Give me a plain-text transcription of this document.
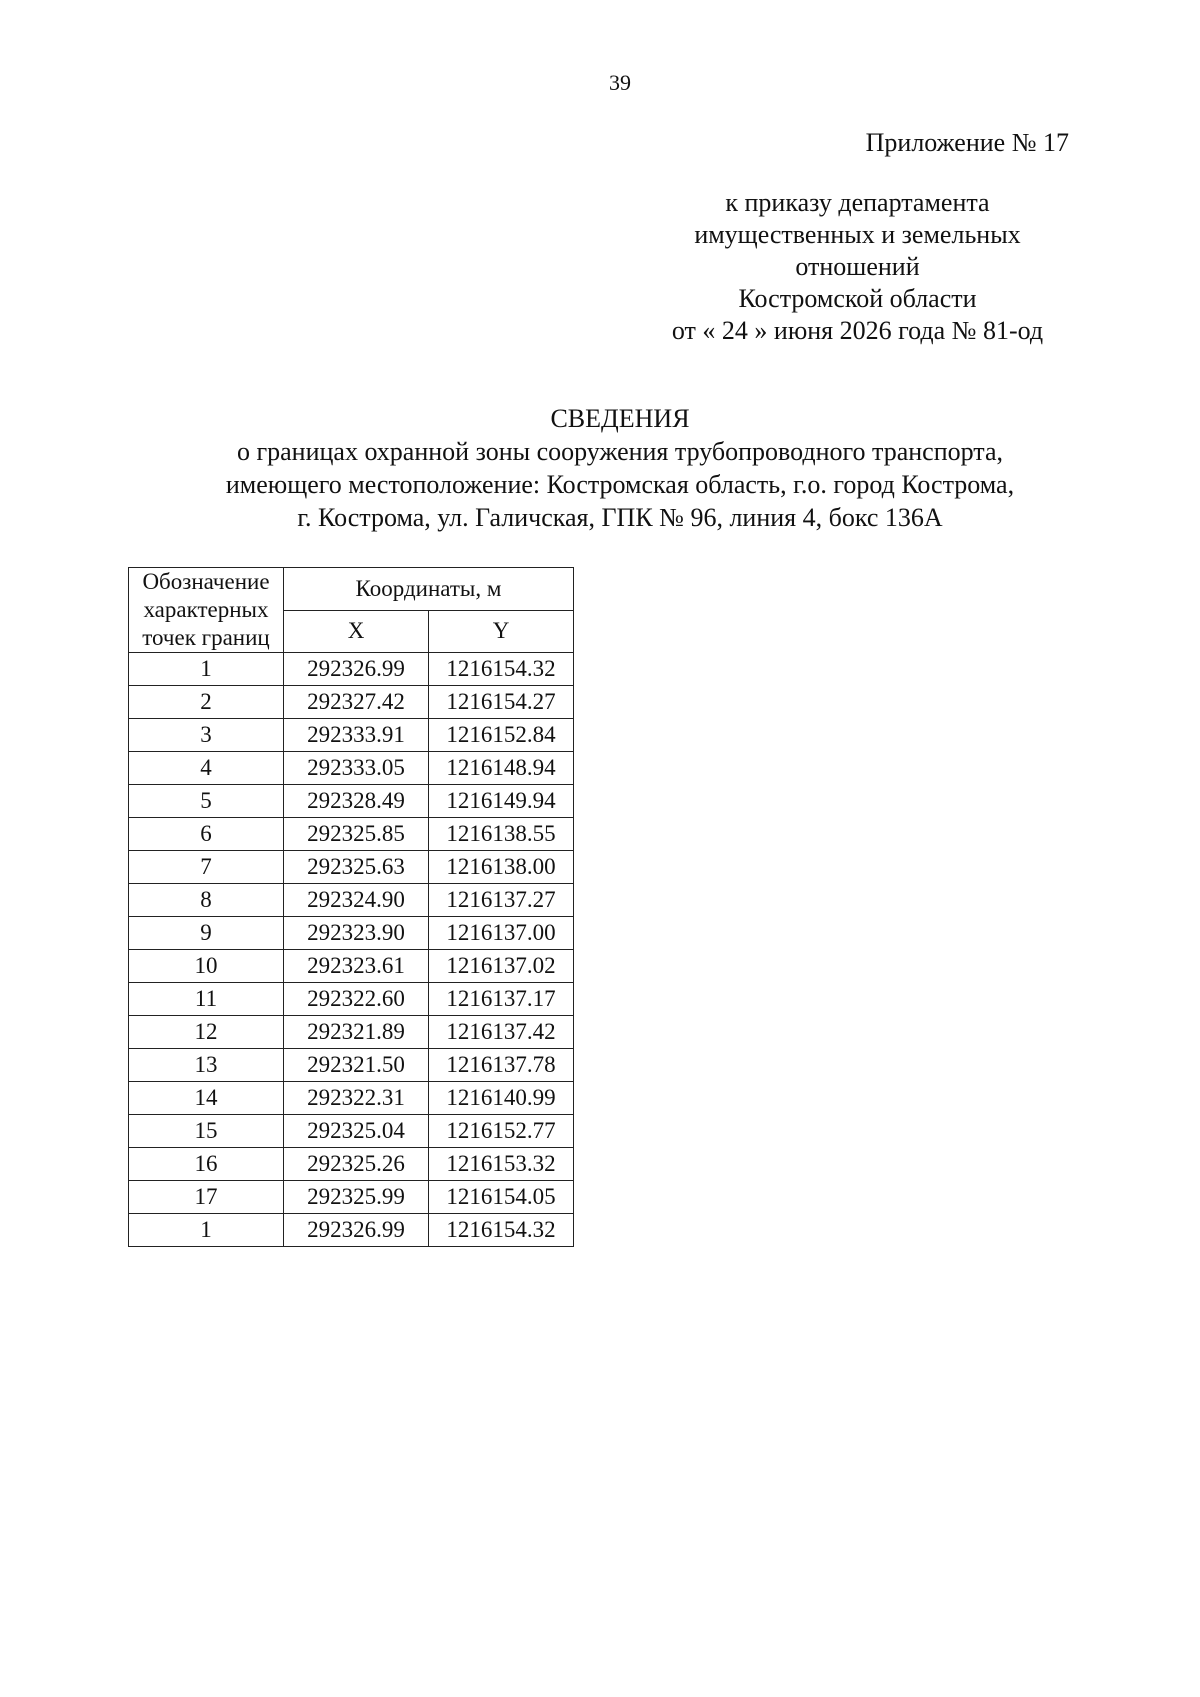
39
Приложение № 17
к приказу департамента
имущественных и земельных
отношений
Костромской области
от « 24 » июня 2026 года № 81-од
СВЕДЕНИЯ
о границах охранной зоны сооружения трубопроводного транспорта,
имеющего местоположение: Костромская область, г.о. город Кострома,
г. Кострома, ул. Галичская, ГПК № 96, линия 4, бокс 136А
Обозначение
характерных
точек границ	Координаты, м	
	X	Y
1	292326.99	1216154.32
2	292327.42	1216154.27
3	292333.91	1216152.84
4	292333.05	1216148.94
5	292328.49	1216149.94
6	292325.85	1216138.55
7	292325.63	1216138.00
8	292324.90	1216137.27
9	292323.90	1216137.00
10	292323.61	1216137.02
11	292322.60	1216137.17
12	292321.89	1216137.42
13	292321.50	1216137.78
14	292322.31	1216140.99
15	292325.04	1216152.77
16	292325.26	1216153.32
17	292325.99	1216154.05
1	292326.99	1216154.32
